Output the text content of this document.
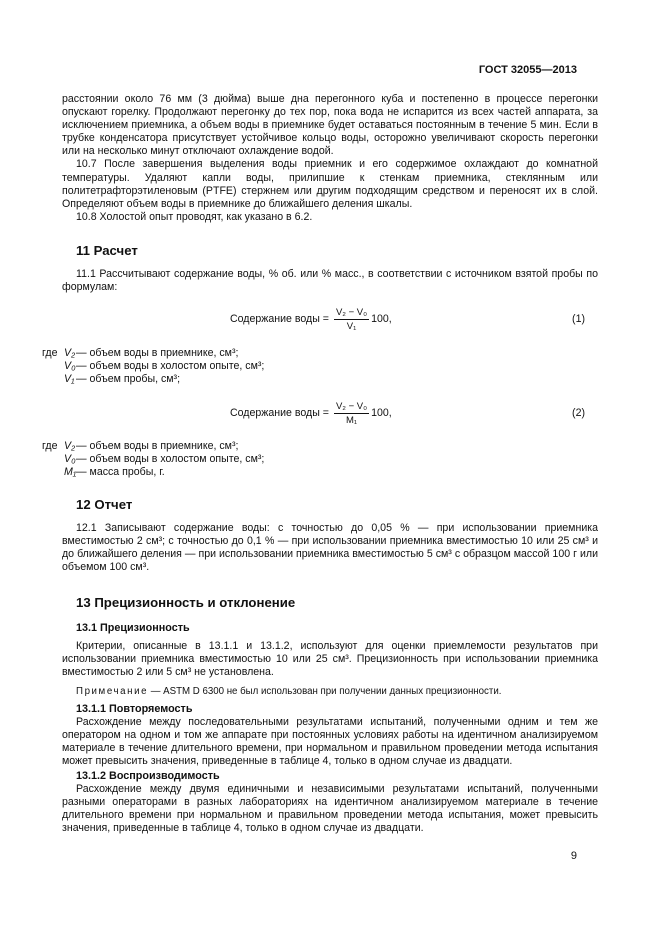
ГОСТ 32055—2013

расстоянии около 76 мм (3 дюйма) выше дна перегонного куба и постепенно в процессе перегонки опускают горелку. Продолжают перегонку до тех пор, пока вода не испарится из всех частей аппарата, за исключением приемника, а объем воды в приемнике будет оставаться постоянным в течение 5 мин. Если в трубке конденсатора присутствует устойчивое кольцо воды, осторожно увеличивают скорость перегонки или на несколько минут отключают охлаждение водой.

10.7 После завершения выделения воды приемник и его содержимое охлаждают до комнатной температуры. Удаляют капли воды, прилипшие к стенкам приемника, стеклянным или политетрафторэтиленовым (PTFE) стержнем или другим подходящим средством и переносят их в слой. Определяют объем воды в приемнике до ближайшего деления шкалы.

10.8 Холостой опыт проводят, как указано в 6.2.

11 Расчет

11.1 Рассчитывают содержание воды, % об. или % масс., в соответствии с источником взятой пробы по формулам:

Содержание воды = $\frac{\text{V₂ − V₀}}{\text{V₁}} 100$,	(1)
где V₂ — объем воды в приемнике, см³;
V₀ — объем воды в холостом опыте, см³;
V₁ — объем пробы, см³;
Содержание воды = $\frac{\text{V₂ − V₀}}{\text{M₁}} 100$,	(2)
где V₂ — объем воды в приемнике, см³;
V₀ — объем воды в холостом опыте, см³;
M₁ — масса пробы, г.
12 Отчет

12.1 Записывают содержание воды: с точностью до 0,05 % — при использовании приемника вместимостью 2 см³; с точностью до 0,1 % — при использовании приемника вместимостью 10 или 25 см³ и до ближайшего деления — при использовании приемника вместимостью 5 см³ с образцом массой 100 г или объемом 100 см³.

13 Прецизионность и отклонение
13.1 Прецизионность

Критерии, описанные в 13.1.1 и 13.1.2, используют для оценки приемлемости результатов при использовании приемника вместимостью 10 или 25 см³. Прецизионность при использовании приемника вместимостью 2 или 5 см³ не установлена.

Примечание — ASTM D 6300 не был использован при получении данных прецизионности.

13.1.1 Повторяемость

Расхождение между последовательными результатами испытаний, полученными одним и тем же оператором на одном и том же аппарате при постоянных условиях работы на идентичном анализируемом материале в течение длительного времени, при нормальном и правильном проведении метода испытания может превысить значения, приведенные в таблице 4, только в одном случае из двадцати.

13.1.2 Воспроизводимость

Расхождение между двумя единичными и независимыми результатами испытаний, полученными разными операторами в разных лабораториях на идентичном анализируемом материале в течение длительного времени при нормальном и правильном проведении метода испытания, может превысить значения, приведенные в таблице 4, только в одном случае из двадцати.

9
